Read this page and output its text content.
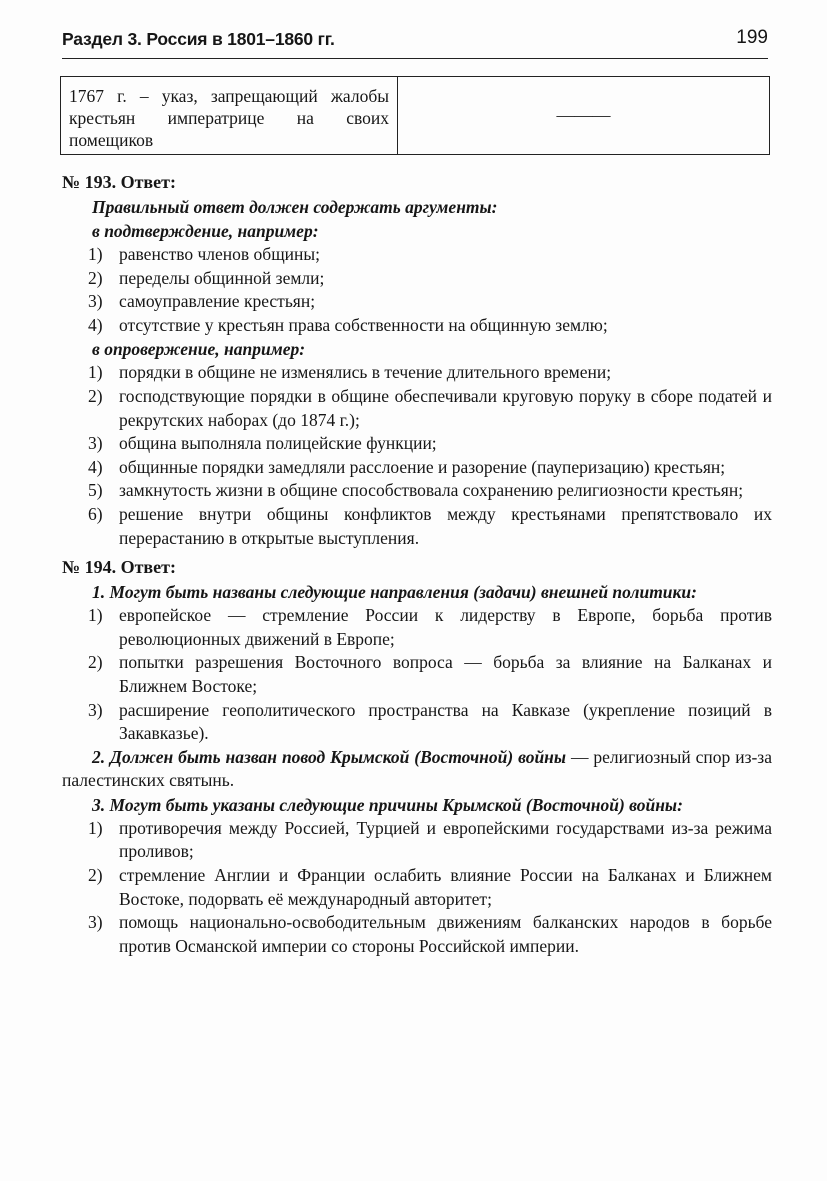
Раздел 3. Россия в 1801–1860 гг.	199
1767 г. – указ, запрещающий жалобы крестьян императрице на своих помещиков	———

№ 193. Ответ:

Правильный ответ должен содержать аргументы:

в подтверждение, например:

1) равенство членов общины;
2) переделы общинной земли;
3) самоуправление крестьян;
4) отсутствие у крестьян права собственности на общинную землю;

в опровержение, например:

1) порядки в общине не изменялись в течение длительного времени;
2) господствующие порядки в общине обеспечивали круговую поруку в сборе податей и рекрутских наборах (до 1874 г.);
3) община выполняла полицейские функции;
4) общинные порядки замедляли расслоение и разорение (пауперизацию) крестьян;
5) замкнутость жизни в общине способствовала сохранению религиозности крестьян;
6) решение внутри общины конфликтов между крестьянами препятствовало их перерастанию в открытые выступления.

№ 194. Ответ:

1. Могут быть названы следующие направления (задачи) внешней политики:

1) европейское — стремление России к лидерству в Европе, борьба против революционных движений в Европе;
2) попытки разрешения Восточного вопроса — борьба за влияние на Балканах и Ближнем Востоке;
3) расширение геополитического пространства на Кавказе (укрепление позиций в Закавказье).

2. Должен быть назван повод Крымской (Восточной) войны — религиозный спор из-за палестинских святынь.

3. Могут быть указаны следующие причины Крымской (Восточной) войны:

1) противоречия между Россией, Турцией и европейскими государствами из-за режима проливов;
2) стремление Англии и Франции ослабить влияние России на Балканах и Ближнем Востоке, подорвать её международный авторитет;
3) помощь национально-освободительным движениям балканских народов в борьбе против Османской империи со стороны Российской империи.
